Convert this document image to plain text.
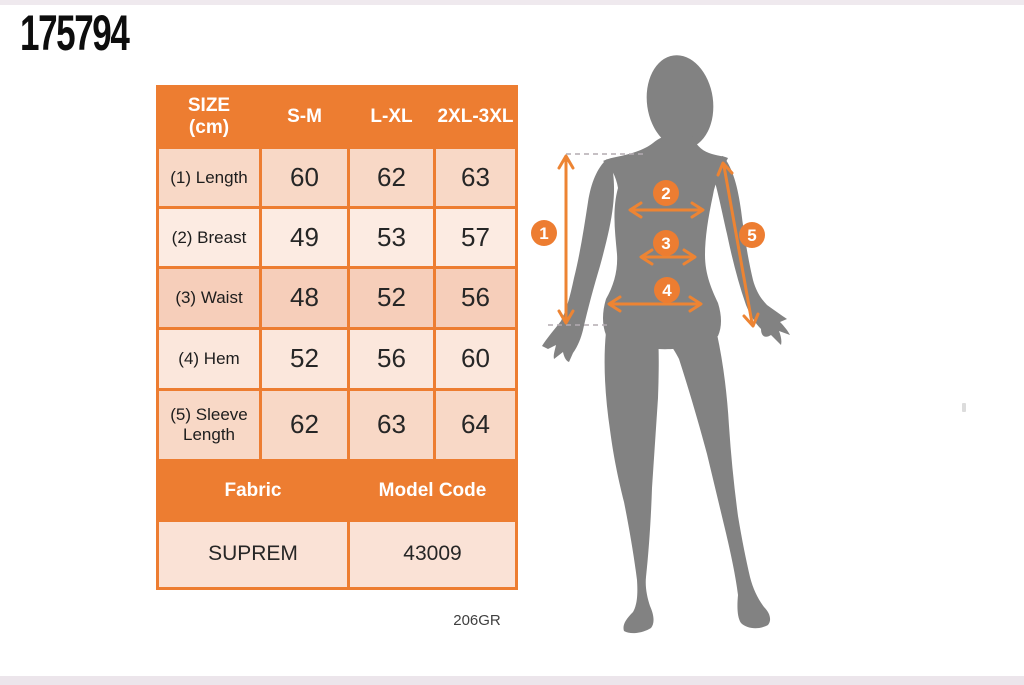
175794
SIZE
(cm)
S-M	L-XL	2XL-3XL
(1) Length	60	62	63
(2) Breast	49	53	57
(3) Waist	48	52	56
(4) Hem	52	56	60
(5) Sleeve Length	62	63	64
Fabric	Model Code
SUPREM	43009
206GR
1
2
3
4
5
